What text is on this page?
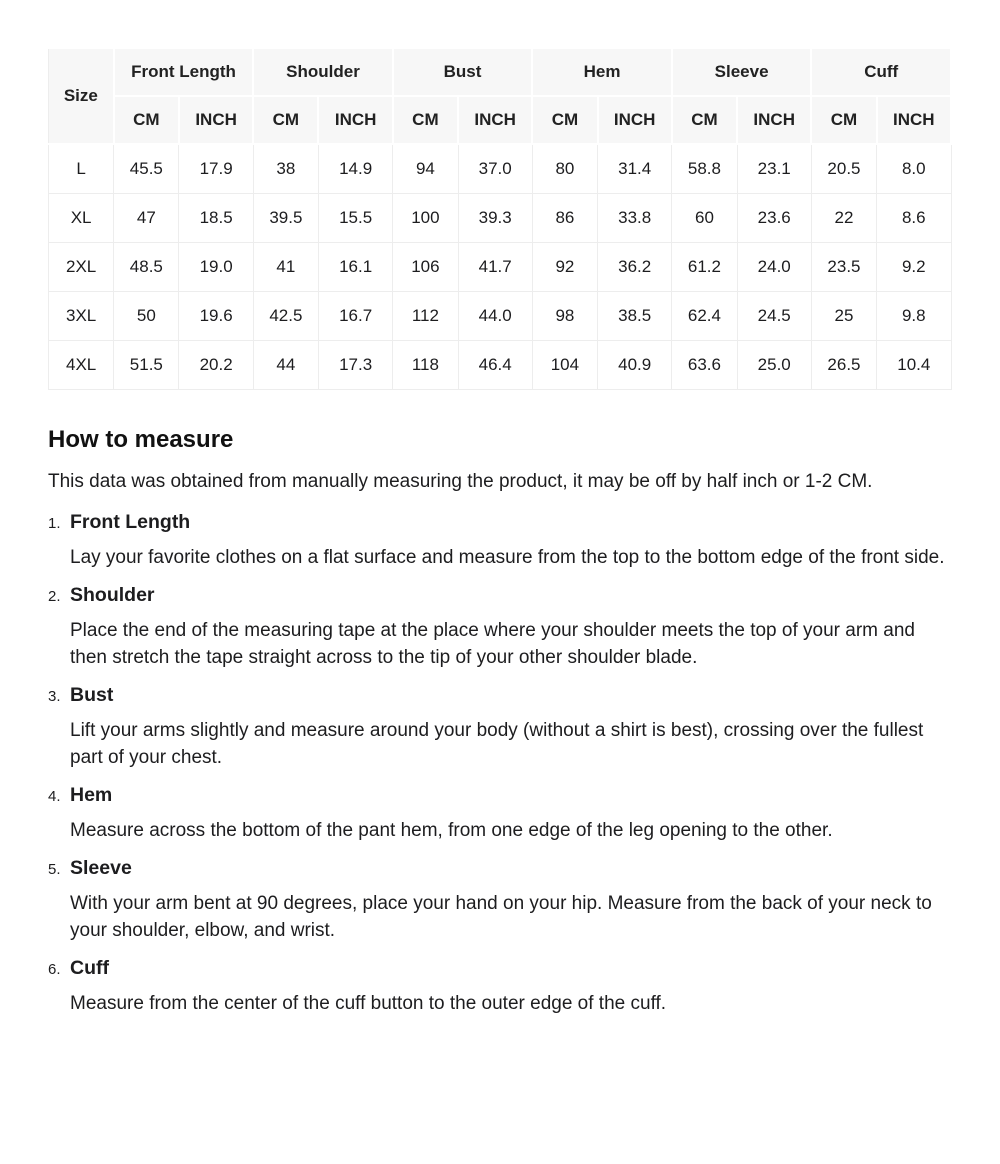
Size	Front Length		Shoulder		Bust		Hem		Sleeve		Cuff	
	CM	INCH	CM	INCH	CM	INCH	CM	INCH	CM	INCH	CM	INCH
L	45.5	17.9	38	14.9	94	37.0	80	31.4	58.8	23.1	20.5	8.0
XL	47	18.5	39.5	15.5	100	39.3	86	33.8	60	23.6	22	8.6
2XL	48.5	19.0	41	16.1	106	41.7	92	36.2	61.2	24.0	23.5	9.2
3XL	50	19.6	42.5	16.7	112	44.0	98	38.5	62.4	24.5	25	9.8
4XL	51.5	20.2	44	17.3	118	46.4	104	40.9	63.6	25.0	26.5	10.4
How to measure

This data was obtained from manually measuring the product, it may be off by half inch or 1-2 CM.

1. Front Length
Lay your favorite clothes on a flat surface and measure from the top to the bottom edge of the front side.
2. Shoulder
Place the end of the measuring tape at the place where your shoulder meets the top of your arm and then stretch the tape straight across to the tip of your other shoulder blade.
3. Bust
Lift your arms slightly and measure around your body (without a shirt is best), crossing over the fullest part of your chest.
4. Hem
Measure across the bottom of the pant hem, from one edge of the leg opening to the other.
5. Sleeve
With your arm bent at 90 degrees, place your hand on your hip. Measure from the back of your neck to your shoulder, elbow, and wrist.
6. Cuff
Measure from the center of the cuff button to the outer edge of the cuff.
